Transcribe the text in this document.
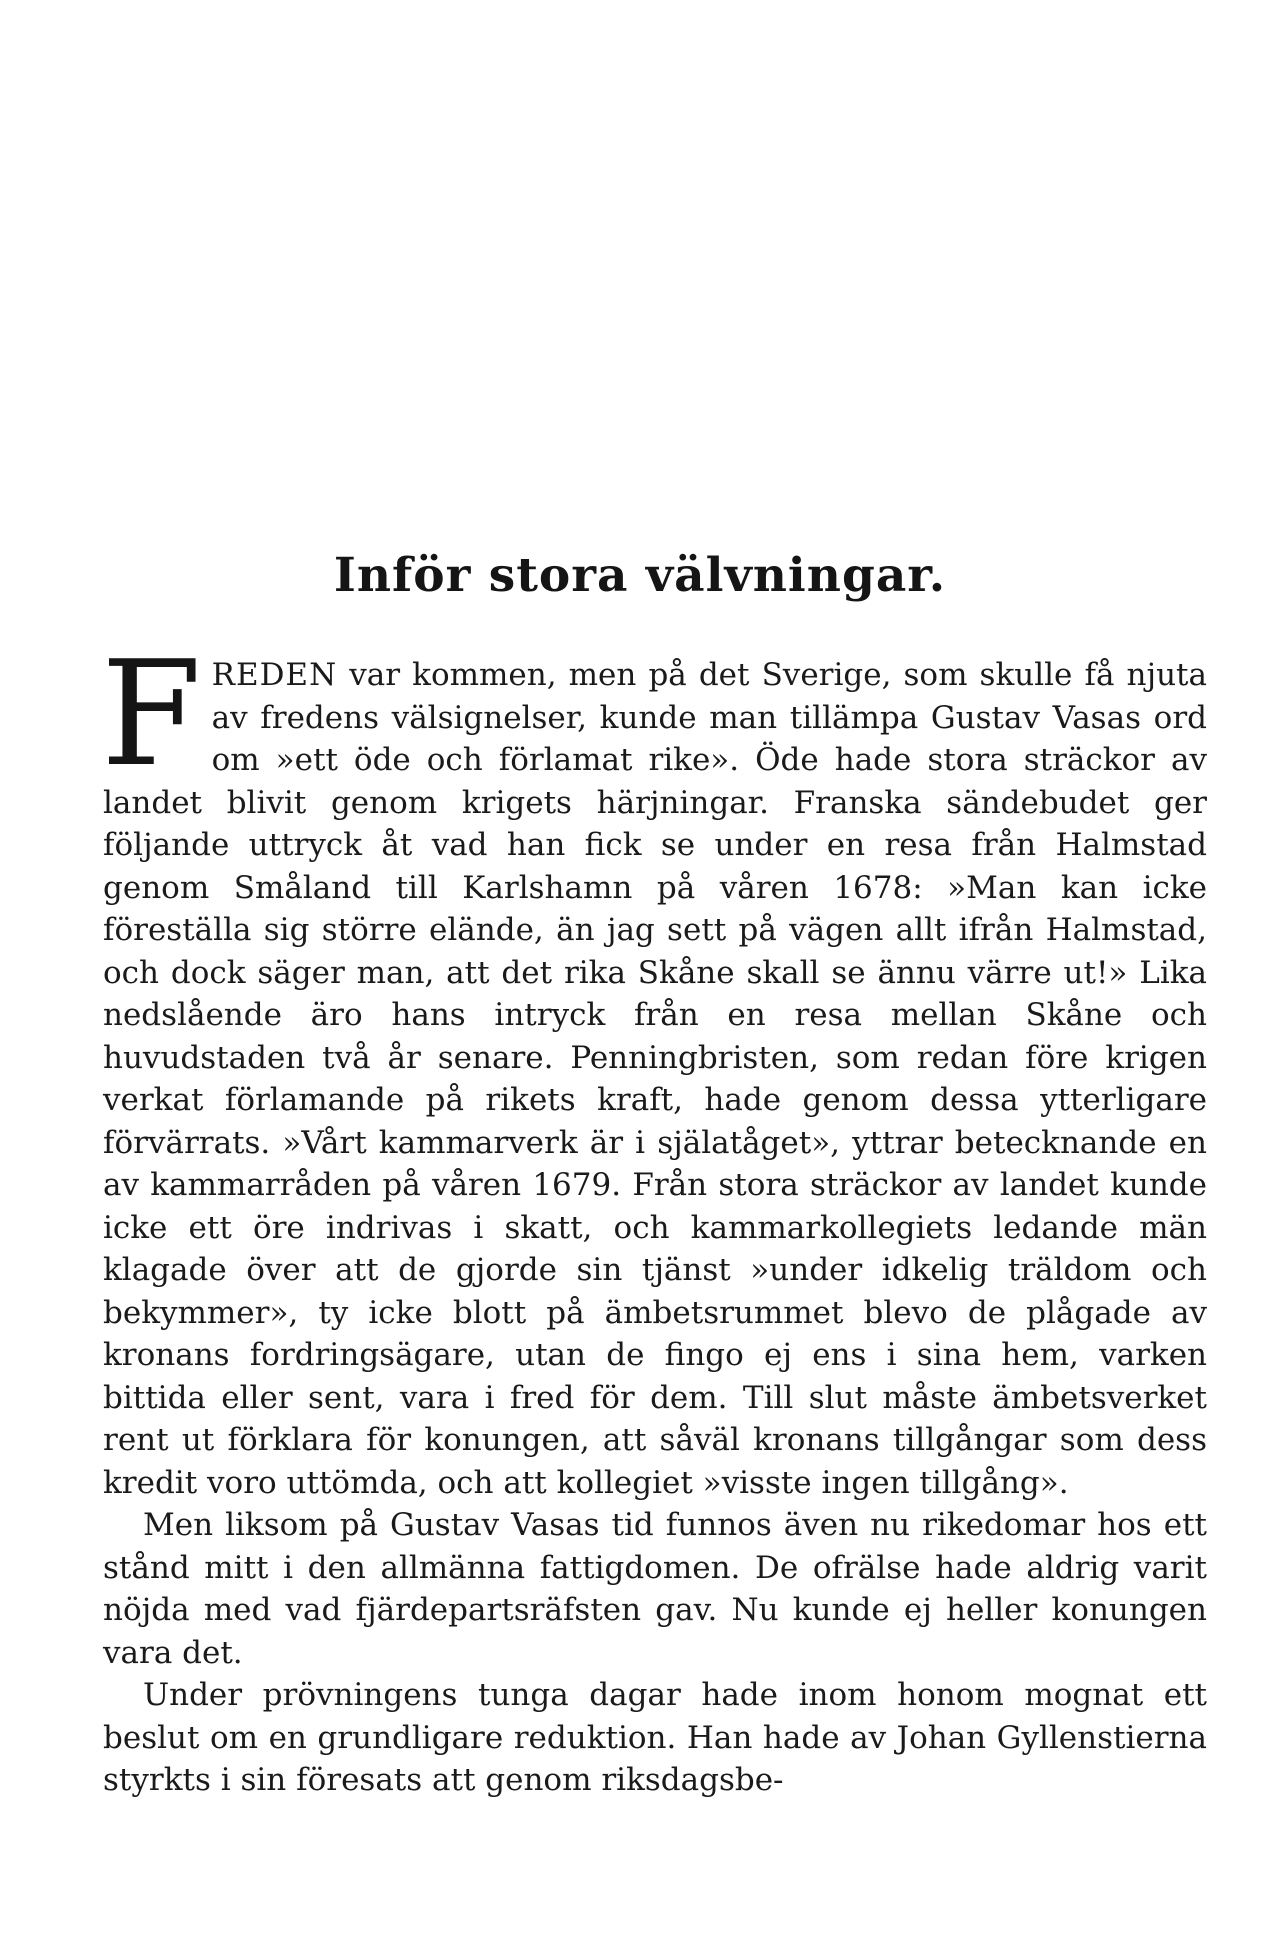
Inför stora välvningar.

FREDEN var kommen, men på det Sverige, som skulle få njuta av fredens välsignelser, kunde man tillämpa Gustav Vasas ord om »ett öde och förlamat rike». Öde hade stora sträckor av landet blivit genom krigets härjningar. Franska sändebudet ger följande uttryck åt vad han fick se under en resa från Halmstad genom Småland till Karlshamn på våren 1678: »Man kan icke föreställa sig större elände, än jag sett på vägen allt ifrån Halmstad, och dock säger man, att det rika Skåne skall se ännu värre ut!» Lika nedslående äro hans intryck från en resa mellan Skåne och huvudstaden två år senare. Penningbristen, som redan före krigen verkat förlamande på rikets kraft, hade genom dessa ytterligare förvärrats. »Vårt kammarverk är i själatåget», yttrar betecknande en av kammarråden på våren 1679. Från stora sträckor av landet kunde icke ett öre indrivas i skatt, och kammarkollegiets ledande män klagade över att de gjorde sin tjänst »under idkelig träldom och bekymmer», ty icke blott på ämbetsrummet blevo de plågade av kronans fordringsägare, utan de fingo ej ens i sina hem, varken bittida eller sent, vara i fred för dem. Till slut måste ämbetsverket rent ut förklara för konungen, att såväl kronans tillgångar som dess kredit voro uttömda, och att kollegiet »visste ingen tillgång».

Men liksom på Gustav Vasas tid funnos även nu rikedomar hos ett stånd mitt i den allmänna fattigdomen. De ofrälse hade aldrig varit nöjda med vad fjärdepartsräfsten gav. Nu kunde ej heller konungen vara det.

Under prövningens tunga dagar hade inom honom mognat ett beslut om en grundligare reduktion. Han hade av Johan Gyllenstierna styrkts i sin föresats att genom riksdagsbe-
